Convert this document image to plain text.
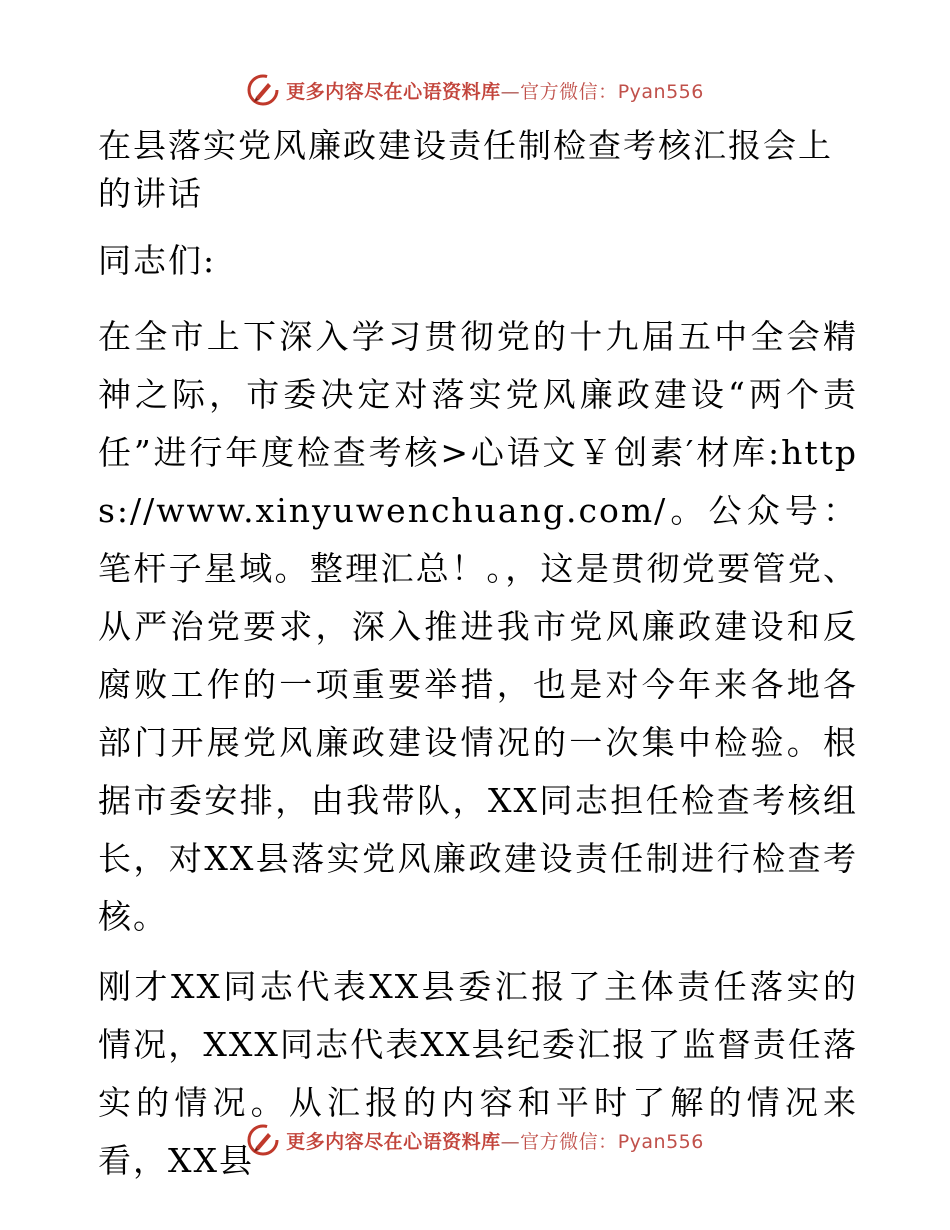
更多内容尽在心语资料库—官方微信：Pyan556
在县落实党风廉政建设责任制检查考核汇报会上的讲话

同志们:

在全市上下深入学习贯彻党的十九届五中全会精神之际，市委决定对落实党风廉政建设“两个责任”进行年度检查考核>心语文￥创素′材库:https://www.xinyuwenchuang.com/。公众号：笔杆子星域。整理汇总！。，这是贯彻党要管党、从严治党要求，深入推进我市党风廉政建设和反腐败工作的一项重要举措，也是对今年来各地各部门开展党风廉政建设情况的一次集中检验。根据市委安排，由我带队，XX同志担任检查考核组长，对XX县落实党风廉政建设责任制进行检查考核。

刚才XX同志代表XX县委汇报了主体责任落实的情况，XXX同志代表XX县纪委汇报了监督责任落实的情况。从汇报的内容和平时了解的情况来看，XX县	更多内容尽在心语资料库—官方微信：Pyan556
